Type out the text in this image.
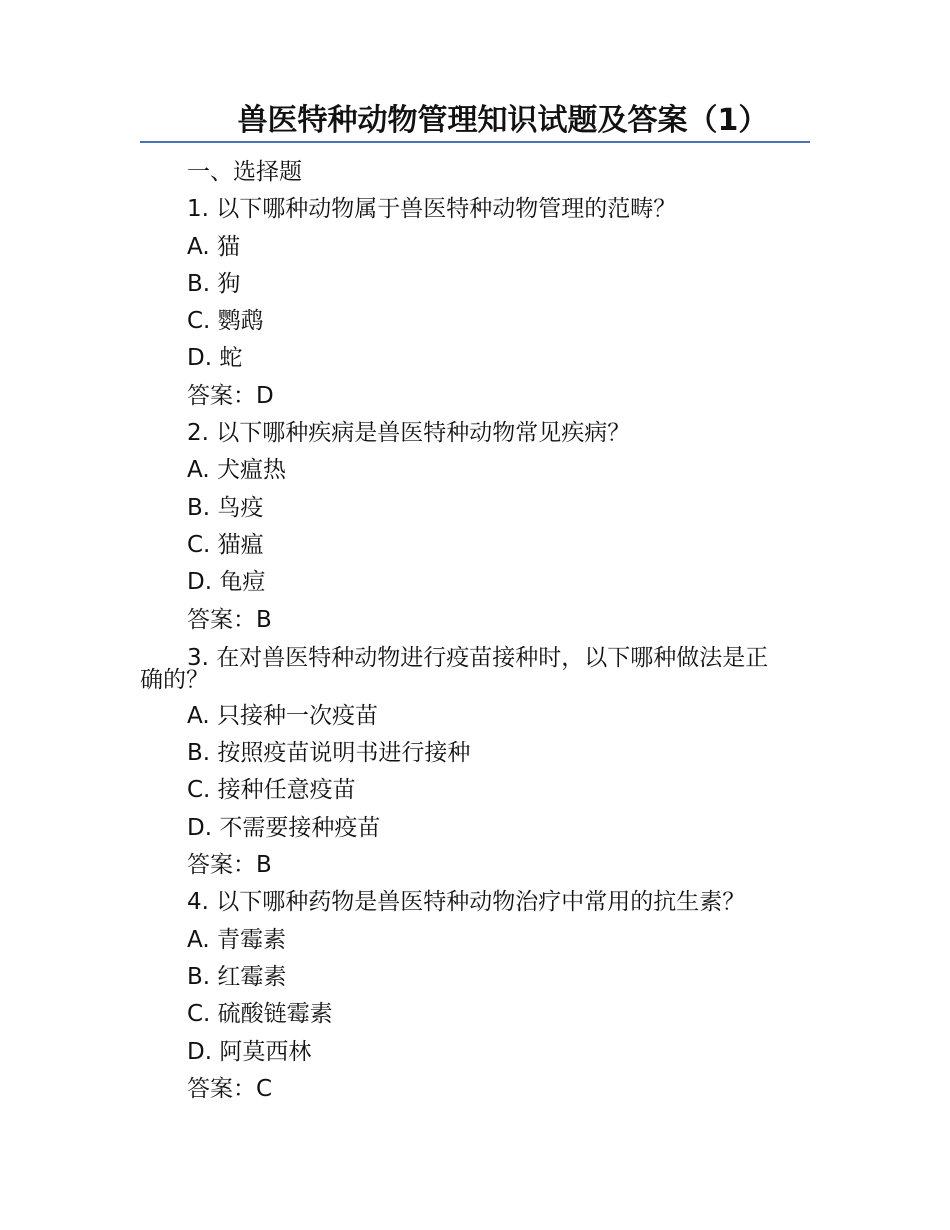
兽医特种动物管理知识试题及答案（1）
一、选择题
1. 以下哪种动物属于兽医特种动物管理的范畴？
A. 猫
B. 狗
C. 鹦鹉
D. 蛇
答案：D
2. 以下哪种疾病是兽医特种动物常见疾病？
A. 犬瘟热
B. 鸟疫
C. 猫瘟
D. 龟痘
答案：B
3. 在对兽医特种动物进行疫苗接种时，以下哪种做法是正
确的？
A. 只接种一次疫苗
B. 按照疫苗说明书进行接种
C. 接种任意疫苗
D. 不需要接种疫苗
答案：B
4. 以下哪种药物是兽医特种动物治疗中常用的抗生素？
A. 青霉素
B. 红霉素
C. 硫酸链霉素
D. 阿莫西林
答案：C
